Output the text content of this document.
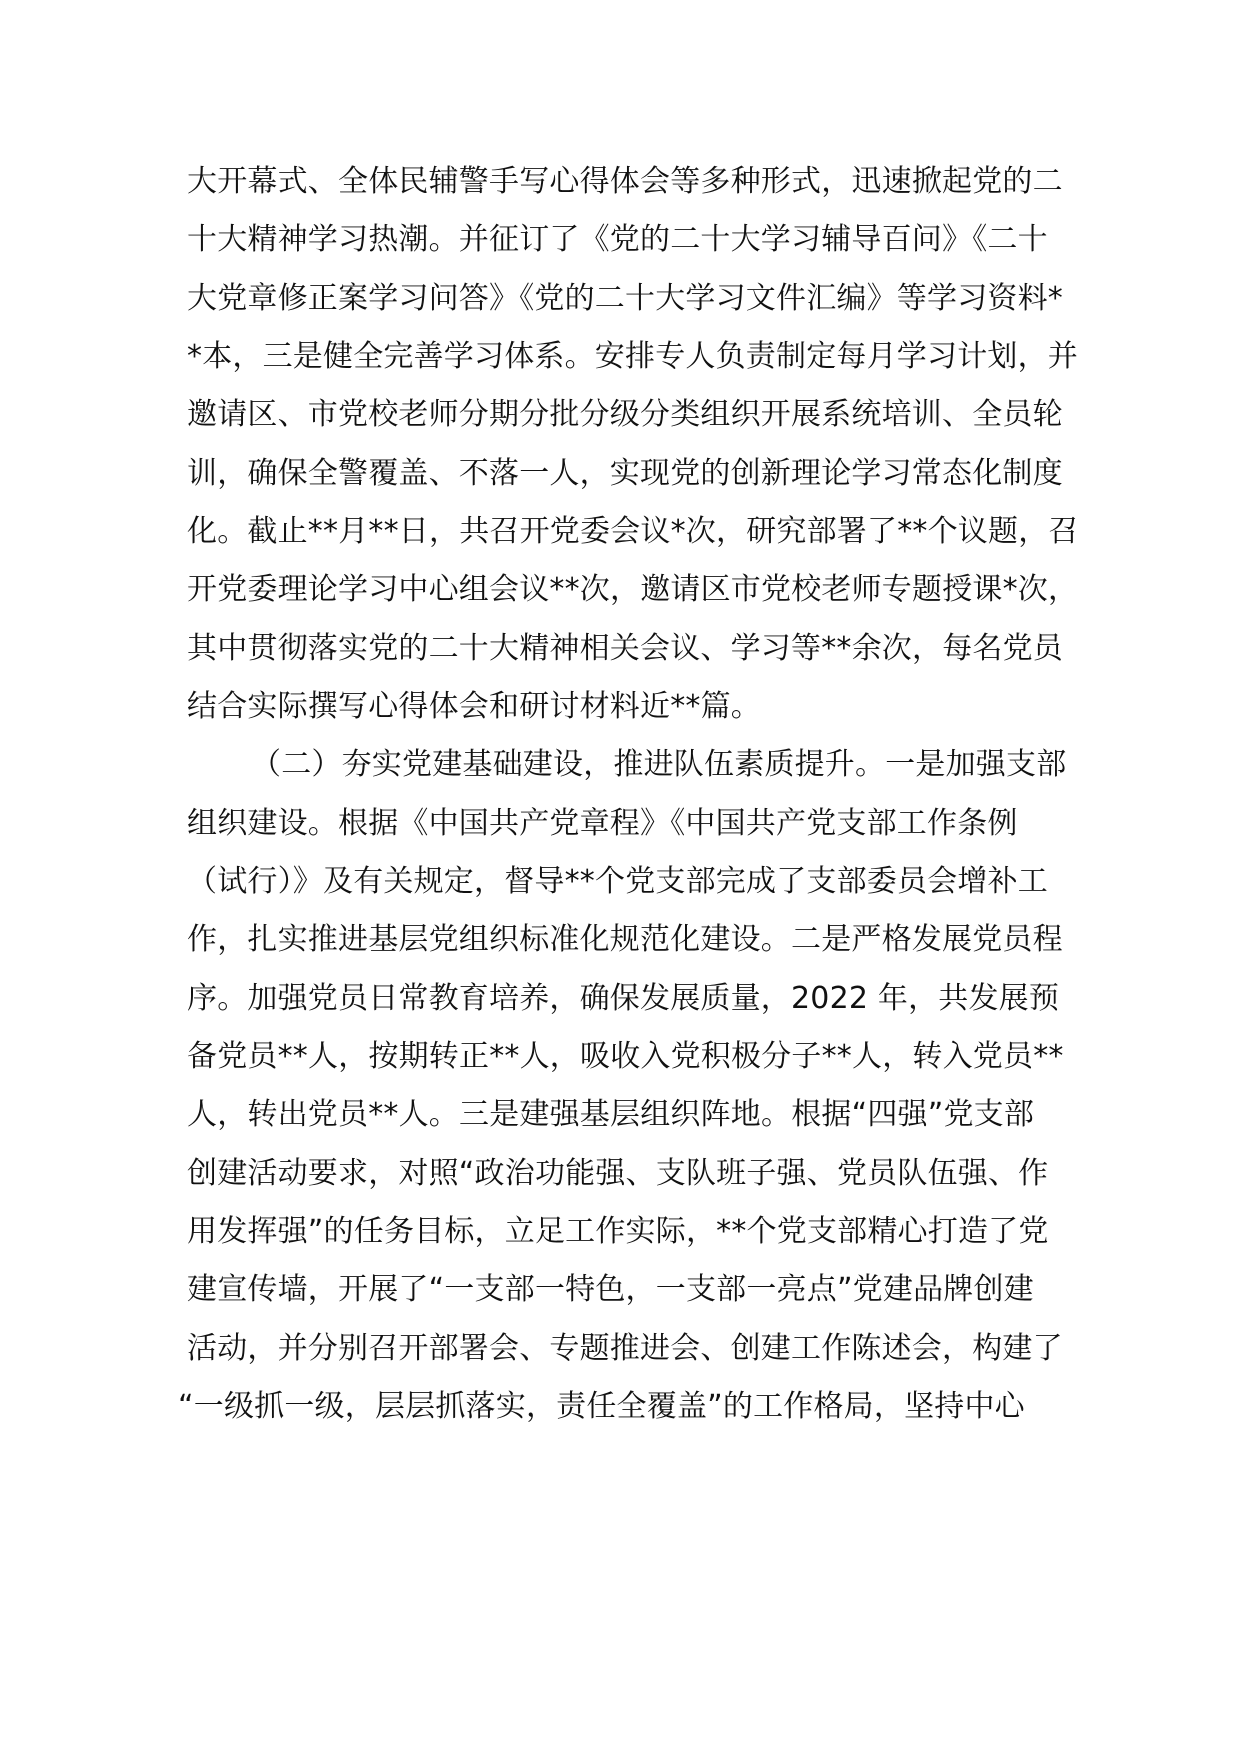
大开幕式、全体民辅警手写心得体会等多种形式，迅速掀起党的二
十大精神学习热潮。并征订了《党的二十大学习辅导百问》《二十
大党章修正案学习问答》《党的二十大学习文件汇编》等学习资料*
*本，三是健全完善学习体系。安排专人负责制定每月学习计划，并
邀请区、市党校老师分期分批分级分类组织开展系统培训、全员轮
训，确保全警覆盖、不落一人，实现党的创新理论学习常态化制度
化。截止**月**日，共召开党委会议*次，研究部署了**个议题，召
开党委理论学习中心组会议**次，邀请区市党校老师专题授课*次，
其中贯彻落实党的二十大精神相关会议、学习等**余次，每名党员
结合实际撰写心得体会和研讨材料近**篇。
（二）夯实党建基础建设，推进队伍素质提升。一是加强支部
组织建设。根据《中国共产党章程》《中国共产党支部工作条例
（试行）》及有关规定，督导**个党支部完成了支部委员会增补工
作，扎实推进基层党组织标准化规范化建设。二是严格发展党员程
序。加强党员日常教育培养，确保发展质量，2022 年，共发展预
备党员**人，按期转正**人，吸收入党积极分子**人，转入党员**
人，转出党员**人。三是建强基层组织阵地。根据“四强”党支部
创建活动要求，对照“政治功能强、支队班子强、党员队伍强、作
用发挥强”的任务目标，立足工作实际，**个党支部精心打造了党
建宣传墙，开展了“一支部一特色，一支部一亮点”党建品牌创建
活动，并分别召开部署会、专题推进会、创建工作陈述会，构建了
“一级抓一级，层层抓落实，责任全覆盖”的工作格局，坚持中心
